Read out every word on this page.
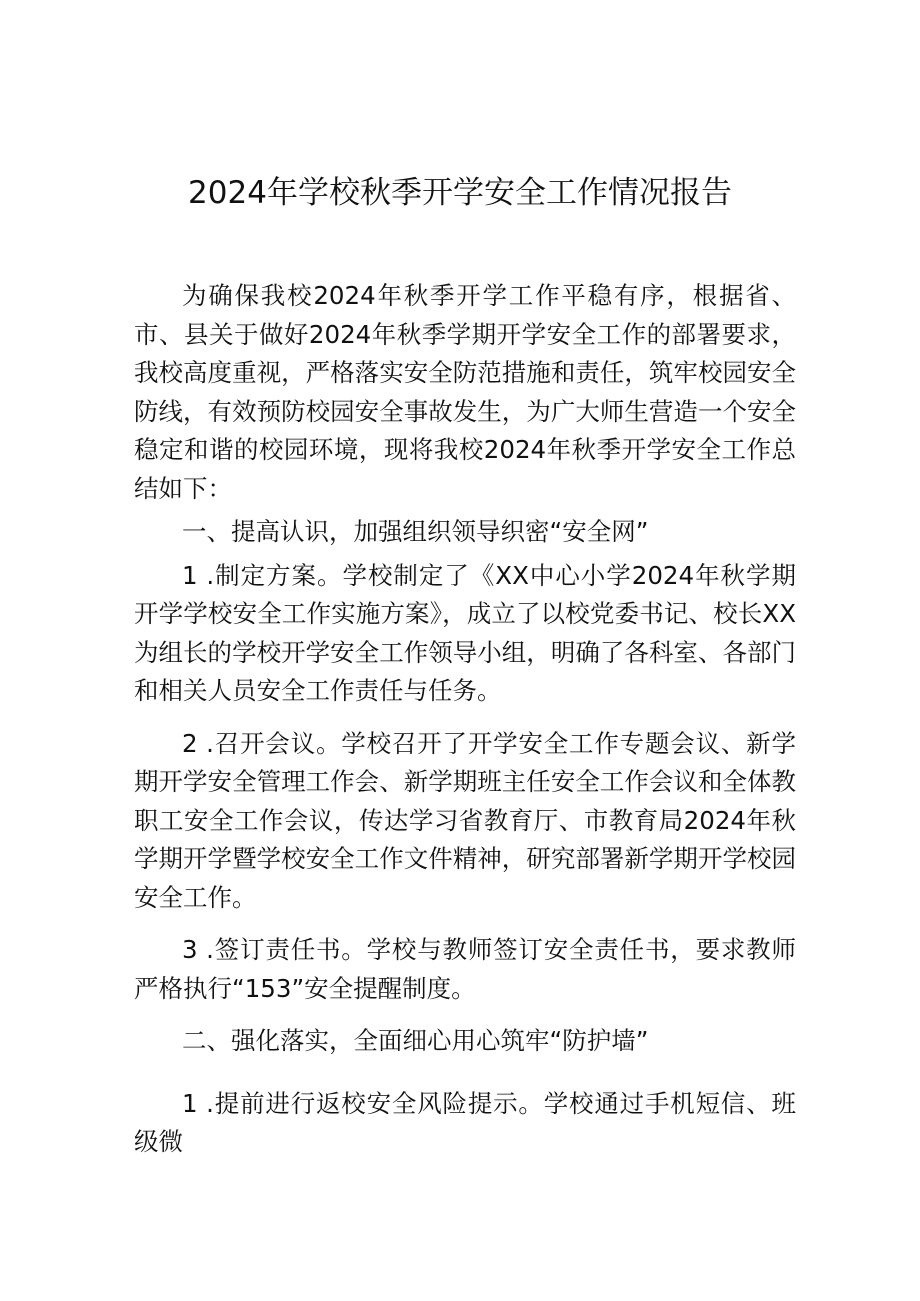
2024年学校秋季开学安全工作情况报告

为确保我校2024年秋季开学工作平稳有序，根据省、市、县关于做好2024年秋季学期开学安全工作的部署要求，我校高度重视，严格落实安全防范措施和责任，筑牢校园安全防线，有效预防校园安全事故发生，为广大师生营造一个安全稳定和谐的校园环境，现将我校2024年秋季开学安全工作总结如下：

一、提高认识，加强组织领导织密“安全网”

1 .制定方案。学校制定了《XX中心小学2024年秋学期开学学校安全工作实施方案》，成立了以校党委书记、校长XX为组长的学校开学安全工作领导小组，明确了各科室、各部门和相关人员安全工作责任与任务。

2 .召开会议。学校召开了开学安全工作专题会议、新学期开学安全管理工作会、新学期班主任安全工作会议和全体教职工安全工作会议，传达学习省教育厅、市教育局2024年秋学期开学暨学校安全工作文件精神，研究部署新学期开学校园安全工作。

3 .签订责任书。学校与教师签订安全责任书，要求教师严格执行“153”安全提醒制度。

二、强化落实，全面细心用心筑牢“防护墙”

1 .提前进行返校安全风险提示。学校通过手机短信、班级微
